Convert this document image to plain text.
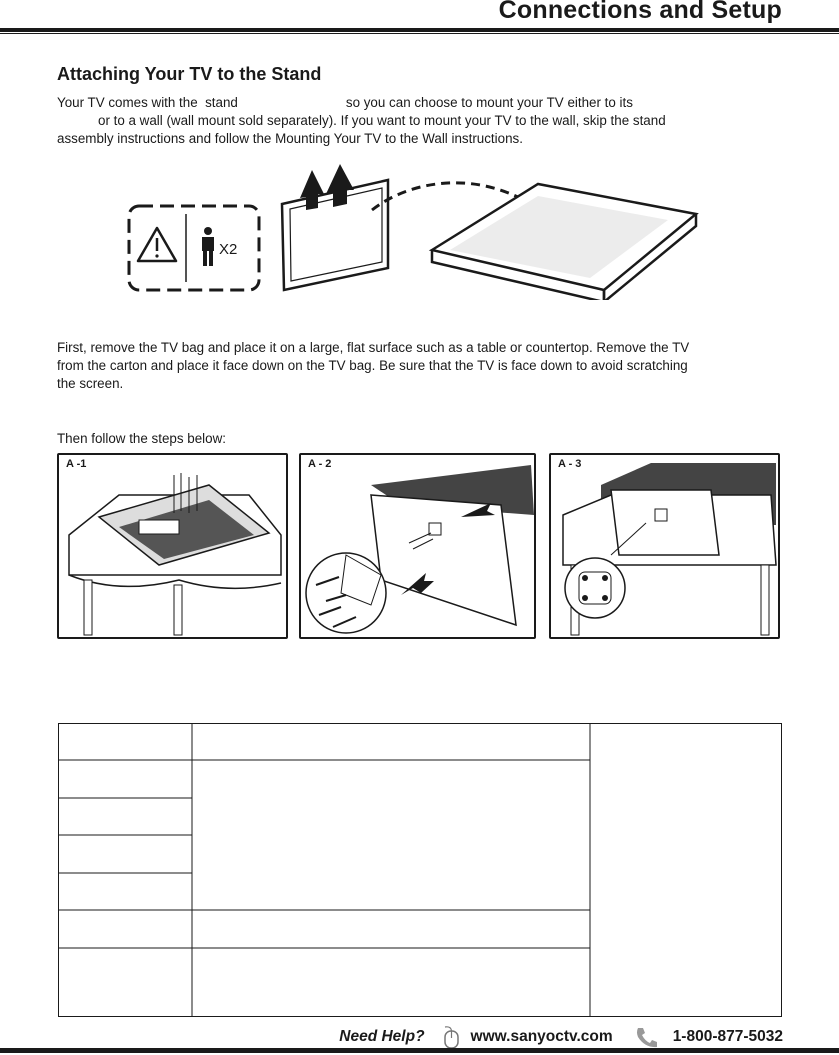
Connections and Setup
Attaching Your TV to the Stand
Your TV comes with the  stand	so you can choose to mount your TV either to its
or to a wall (wall mount sold separately). If you want to mount your TV to the wall, skip the stand
assembly instructions and follow the Mounting Your TV to the Wall instructions.
X2
First, remove the TV bag and place it on a large, flat surface such as a table or countertop. Remove the TV
from the carton and place it face down on the TV bag. Be sure that the TV is face down to avoid scratching
the screen.
Then follow the steps below:
A -1	A - 2	A - 3
Need Help?	www.sanyoctv.com	1-800-877-5032
